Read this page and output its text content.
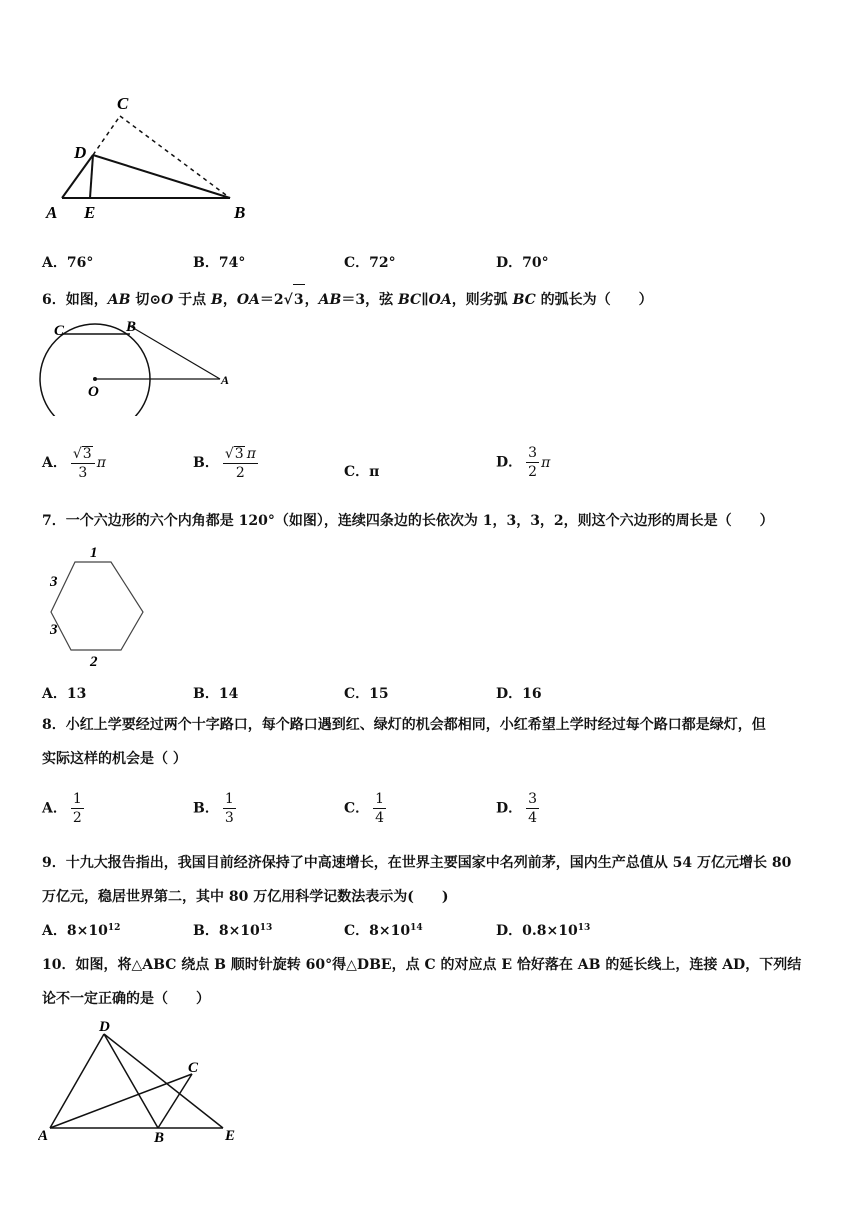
C
D
A E	B
A．76°	B．74°	C．72°	D．70°
6．如图，AB 切⊙O 于点 B，OA＝2√ 3 ，AB＝3，弦 BC∥OA，则劣弧 BC 的弧长为（　　）
C	B
O
A
A． $\frac{√ 3}{3}$ π	B． $\frac{√ 3 \pi}{2}$	C．π
D． $\frac{3}{2}$ π
7．一个六边形的六个内角都是 120°（如图），连续四条边的长依次为 1，3，3，2，则这个六边形的周长是（　　）
1
3
3
2
A．13	B．14	C．15	D．16
8．小红上学要经过两个十字路口，每个路口遇到红、绿灯的机会都相同，小红希望上学时经过每个路口都是绿灯，但
实际这样的机会是（ ）
A． $\frac{1}{2}$	B． $\frac{1}{3}$	C． $\frac{1}{4}$	D． $\frac{3}{4}$
9．十九大报告指出，我国目前经济保持了中高速增长，在世界主要国家中名列前茅，国内生产总值从 54 万亿元增长 80
万亿元，稳居世界第二，其中 80 万亿用科学记数法表示为(　　)
A．$8\times 10^{12}$	B．$8\times 10^{13}$	C．$8\times 10^{14}$	D．$0.8\times 10^{13}$
10．如图，将△ABC 绕点 B 顺时针旋转 60°得△DBE，点 C 的对应点 E 恰好落在 AB 的延长线上，连接 AD，下列结
论不一定正确的是（　　）
D
C
A	B	E
